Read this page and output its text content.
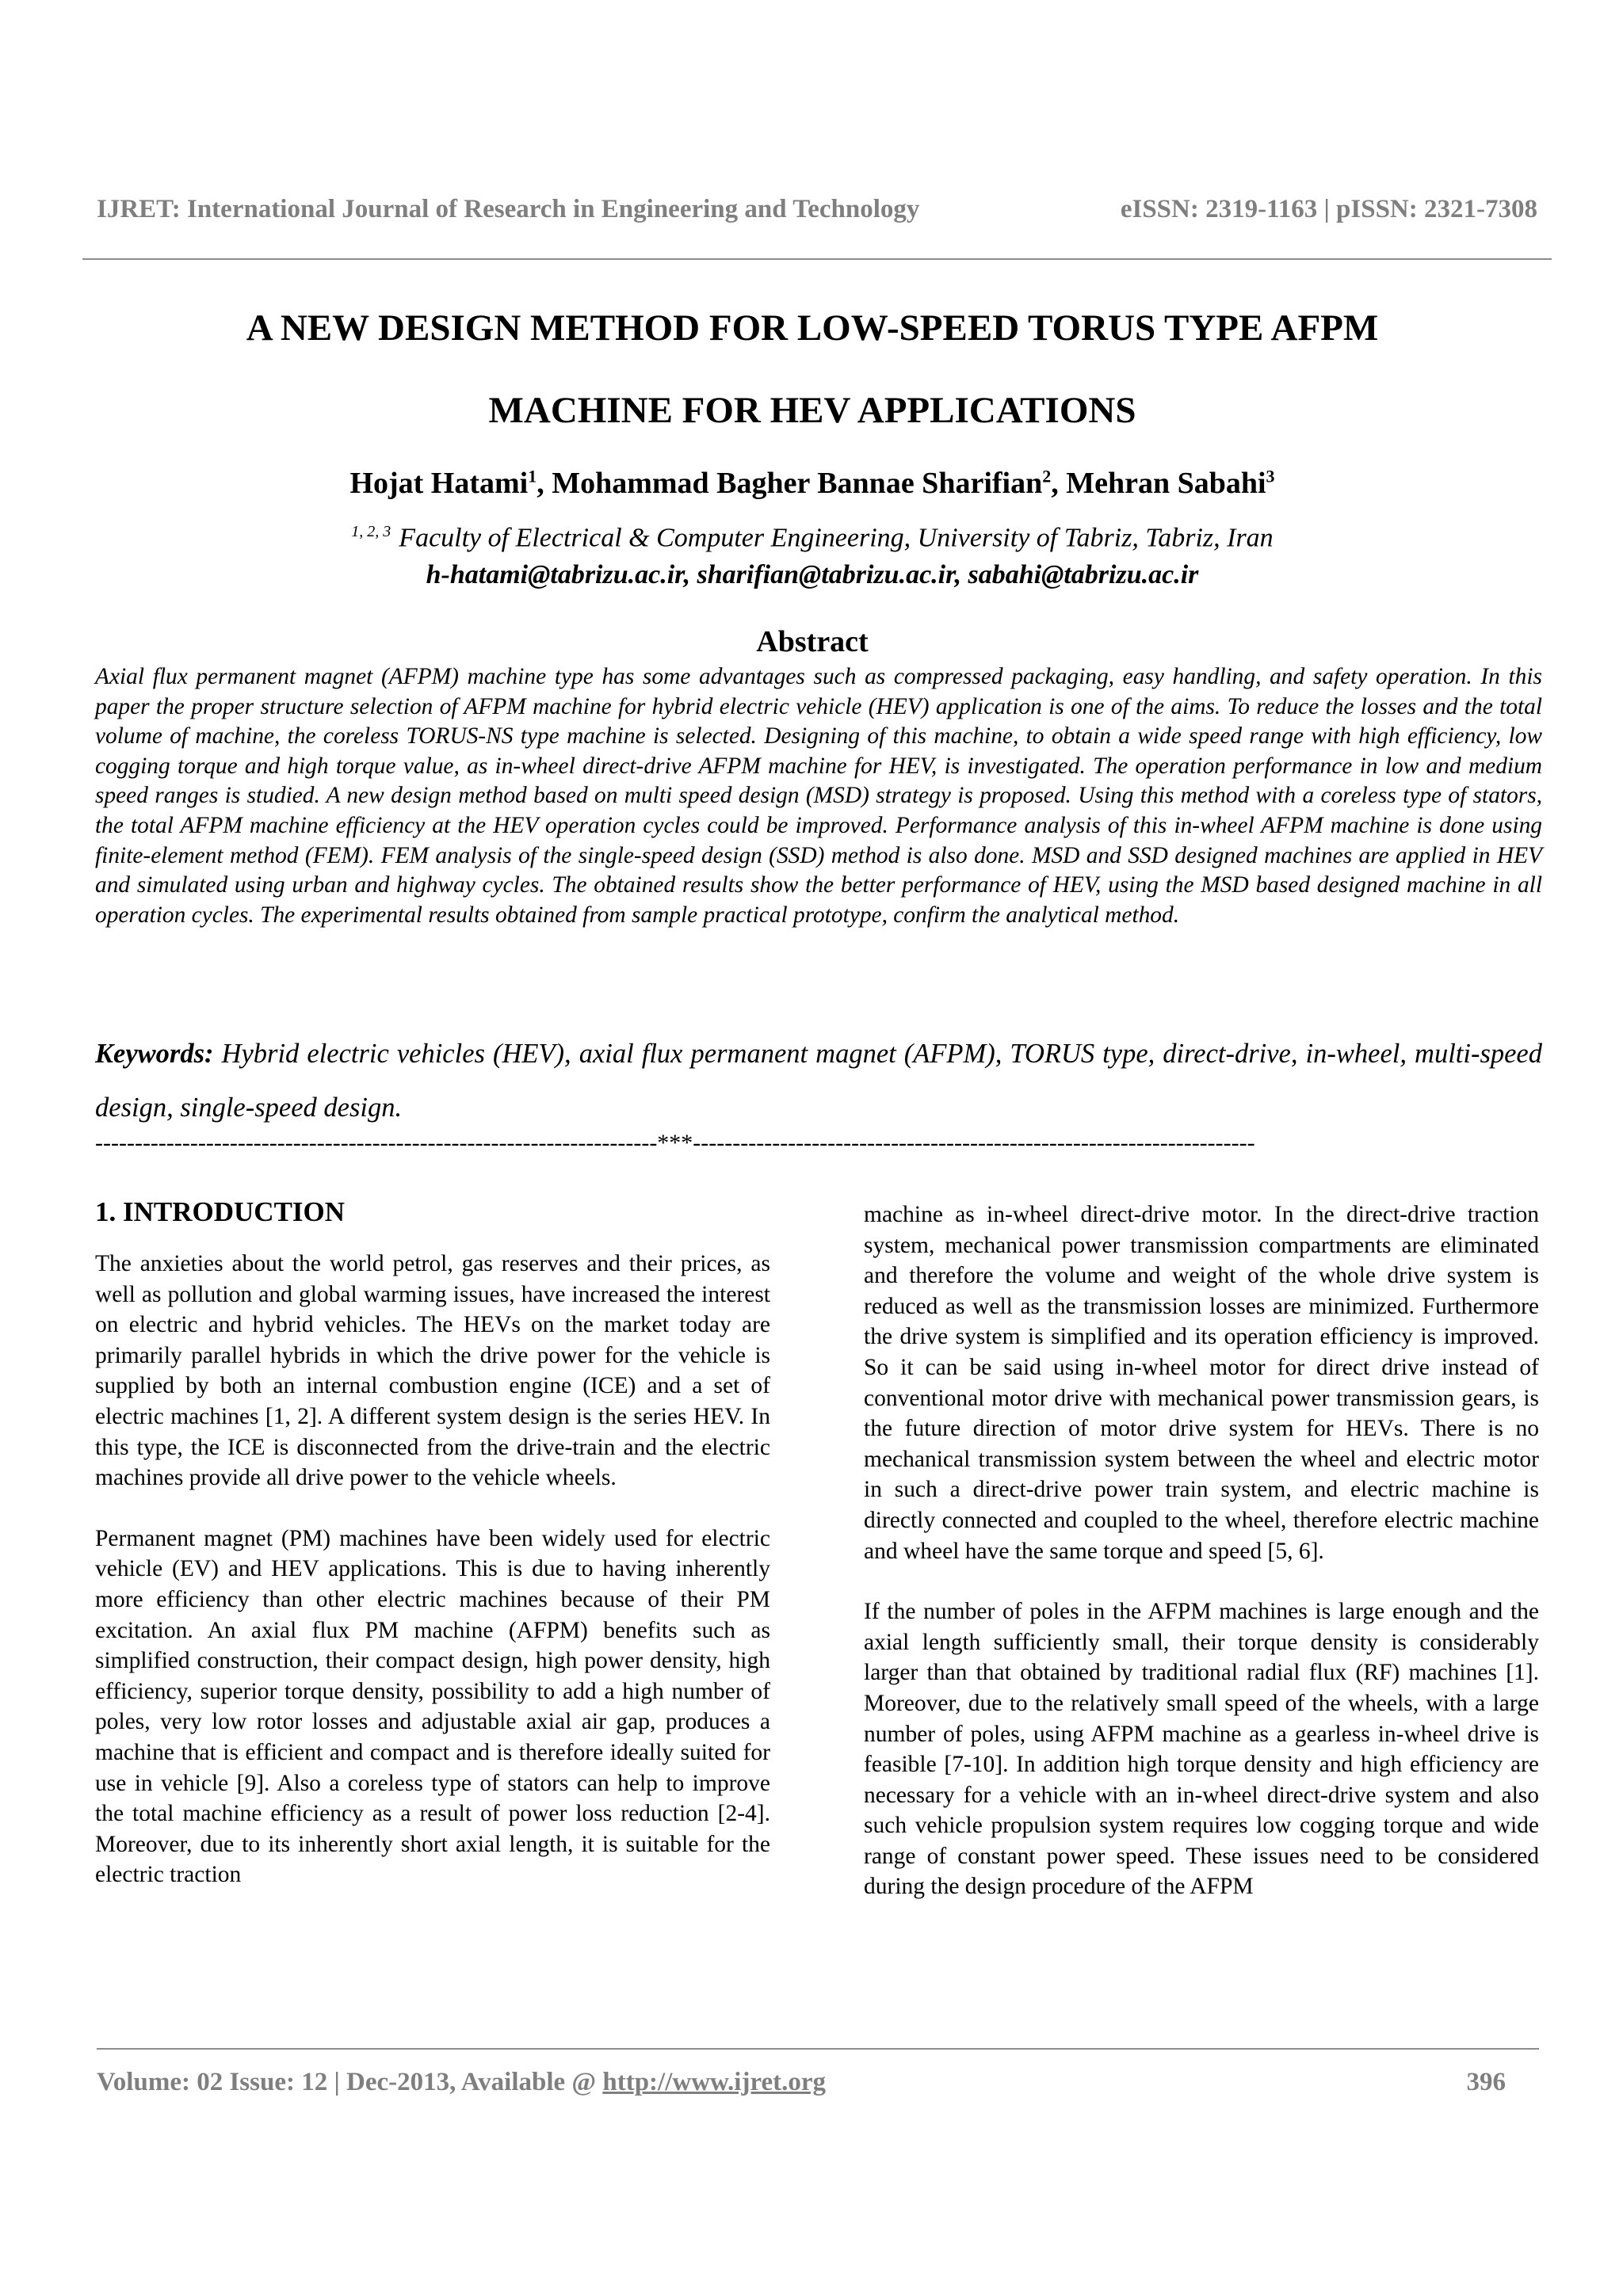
IJRET: International Journal of Research in Engineering and Technology	eISSN: 2319-1163 | pISSN: 2321-7308
A NEW DESIGN METHOD FOR LOW-SPEED TORUS TYPE AFPM
MACHINE FOR HEV APPLICATIONS
Hojat Hatami$^1$, Mohammad Bagher Bannae Sharifian$^2$, Mehran Sabahi$^3$
$^{1, 2, 3}$ Faculty of Electrical & Computer Engineering, University of Tabriz, Tabriz, Iran
h-hatami@tabrizu.ac.ir, sharifian@tabrizu.ac.ir, sabahi@tabrizu.ac.ir
Abstract
Axial flux permanent magnet (AFPM) machine type has some advantages such as compressed packaging, easy handling, and safety operation. In this paper the proper structure selection of AFPM machine for hybrid electric vehicle (HEV) application is one of the aims. To reduce the losses and the total volume of machine, the coreless TORUS-NS type machine is selected. Designing of this machine, to obtain a wide speed range with high efficiency, low cogging torque and high torque value, as in-wheel direct-drive AFPM machine for HEV, is investigated. The operation performance in low and medium speed ranges is studied. A new design method based on multi speed design (MSD) strategy is proposed. Using this method with a coreless type of stators, the total AFPM machine efficiency at the HEV operation cycles could be improved. Performance analysis of this in-wheel AFPM machine is done using finite-element method (FEM). FEM analysis of the single-speed design (SSD) method is also done. MSD and SSD designed machines are applied in HEV and simulated using urban and highway cycles. The obtained results show the better performance of HEV, using the MSD based designed machine in all operation cycles. The experimental results obtained from sample practical prototype, confirm the analytical method.
Keywords: Hybrid electric vehicles (HEV), axial flux permanent magnet (AFPM), TORUS type, direct-drive, in-wheel, multi-speed design, single-speed design.
-----------------------------------------------------------------------***-----------------------------------------------------------------------
1. INTRODUCTION

The anxieties about the world petrol, gas reserves and their prices, as well as pollution and global warming issues, have increased the interest on electric and hybrid vehicles. The HEVs on the market today are primarily parallel hybrids in which the drive power for the vehicle is supplied by both an internal combustion engine (ICE) and a set of electric machines [1, 2]. A different system design is the series HEV. In this type, the ICE is disconnected from the drive-train and the electric machines provide all drive power to the vehicle wheels.

Permanent magnet (PM) machines have been widely used for electric vehicle (EV) and HEV applications. This is due to having inherently more efficiency than other electric machines because of their PM excitation. An axial flux PM machine (AFPM) benefits such as simplified construction, their compact design, high power density, high efficiency, superior torque density, possibility to add a high number of poles, very low rotor losses and adjustable axial air gap, produces a machine that is efficient and compact and is therefore ideally suited for use in vehicle [9]. Also a coreless type of stators can help to improve the total machine efficiency as a result of power loss reduction [2-4]. Moreover, due to its inherently short axial length, it is suitable for the electric traction

machine as in-wheel direct-drive motor. In the direct-drive traction system, mechanical power transmission compartments are eliminated and therefore the volume and weight of the whole drive system is reduced as well as the transmission losses are minimized. Furthermore the drive system is simplified and its operation efficiency is improved. So it can be said using in-wheel motor for direct drive instead of conventional motor drive with mechanical power transmission gears, is the future direction of motor drive system for HEVs. There is no mechanical transmission system between the wheel and electric motor in such a direct-drive power train system, and electric machine is directly connected and coupled to the wheel, therefore electric machine and wheel have the same torque and speed [5, 6].

If the number of poles in the AFPM machines is large enough and the axial length sufficiently small, their torque density is considerably larger than that obtained by traditional radial flux (RF) machines [1]. Moreover, due to the relatively small speed of the wheels, with a large number of poles, using AFPM machine as a gearless in-wheel drive is feasible [7-10]. In addition high torque density and high efficiency are necessary for a vehicle with an in-wheel direct-drive system and also such vehicle propulsion system requires low cogging torque and wide range of constant power speed. These issues need to be considered during the design procedure of the AFPM

Volume: 02 Issue: 12 | Dec-2013, Available @ http://www.ijret.org	396
